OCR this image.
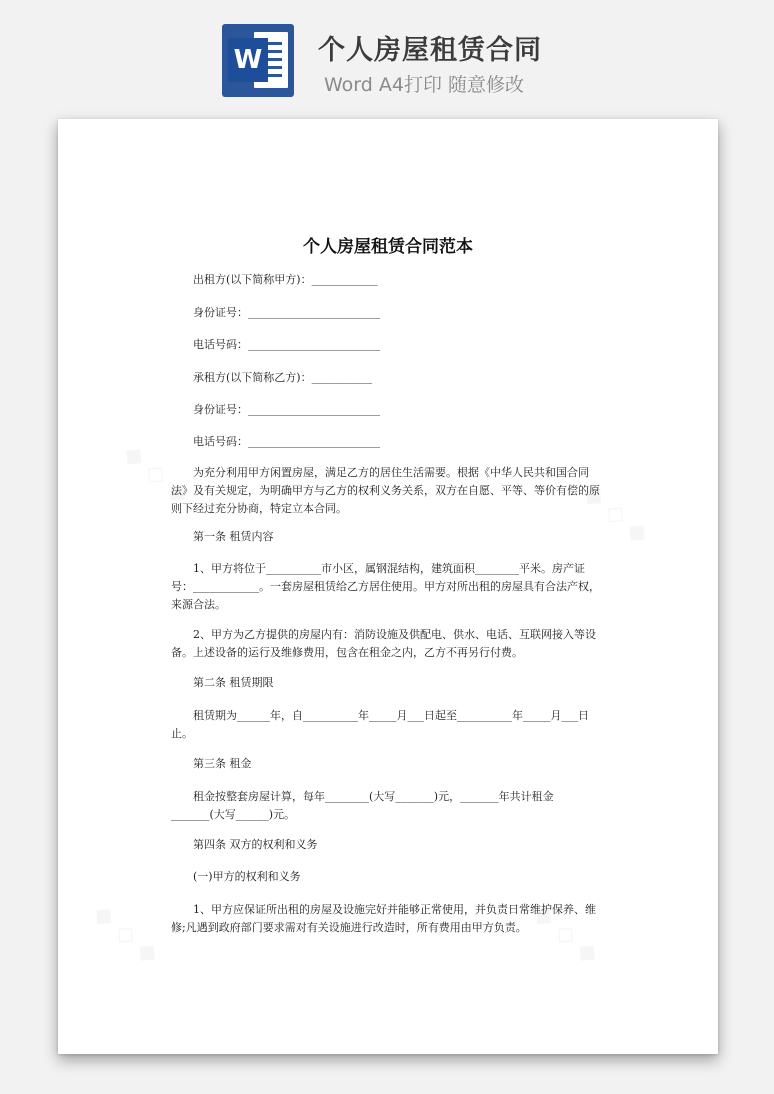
W 个人房屋租赁合同
Word A4打印 随意修改
个人房屋租赁合同范本

出租方(以下简称甲方)：____________

身份证号：________________________

电话号码：________________________

承租方(以下简称乙方)：___________

身份证号：________________________

电话号码：________________________

为充分利用甲方闲置房屋，满足乙方的居住生活需要。根据《中华人民共和国合同法》及有关规定，为明确甲方与乙方的权利义务关系，双方在自愿、平等、等价有偿的原则下经过充分协商，特定立本合同。

第一条 租赁内容

1、甲方将位于__________市小区，属钢混结构，建筑面积________平米。房产证号：____________。一套房屋租赁给乙方居住使用。甲方对所出租的房屋具有合法产权，来源合法。

2、甲方为乙方提供的房屋内有：消防设施及供配电、供水、电话、互联网接入等设备。上述设备的运行及维修费用，包含在租金之内，乙方不再另行付费。

第二条 租赁期限

租赁期为______年，自__________年_____月___日起至__________年_____月___日止。

第三条 租金

租金按整套房屋计算，每年________(大写_______)元，_______年共计租金_______(大写______)元。

第四条 双方的权利和义务

(一)甲方的权利和义务

1、甲方应保证所出租的房屋及设施完好并能够正常使用，并负责日常维护保养、维修;凡遇到政府部门要求需对有关设施进行改造时，所有费用由甲方负责。
